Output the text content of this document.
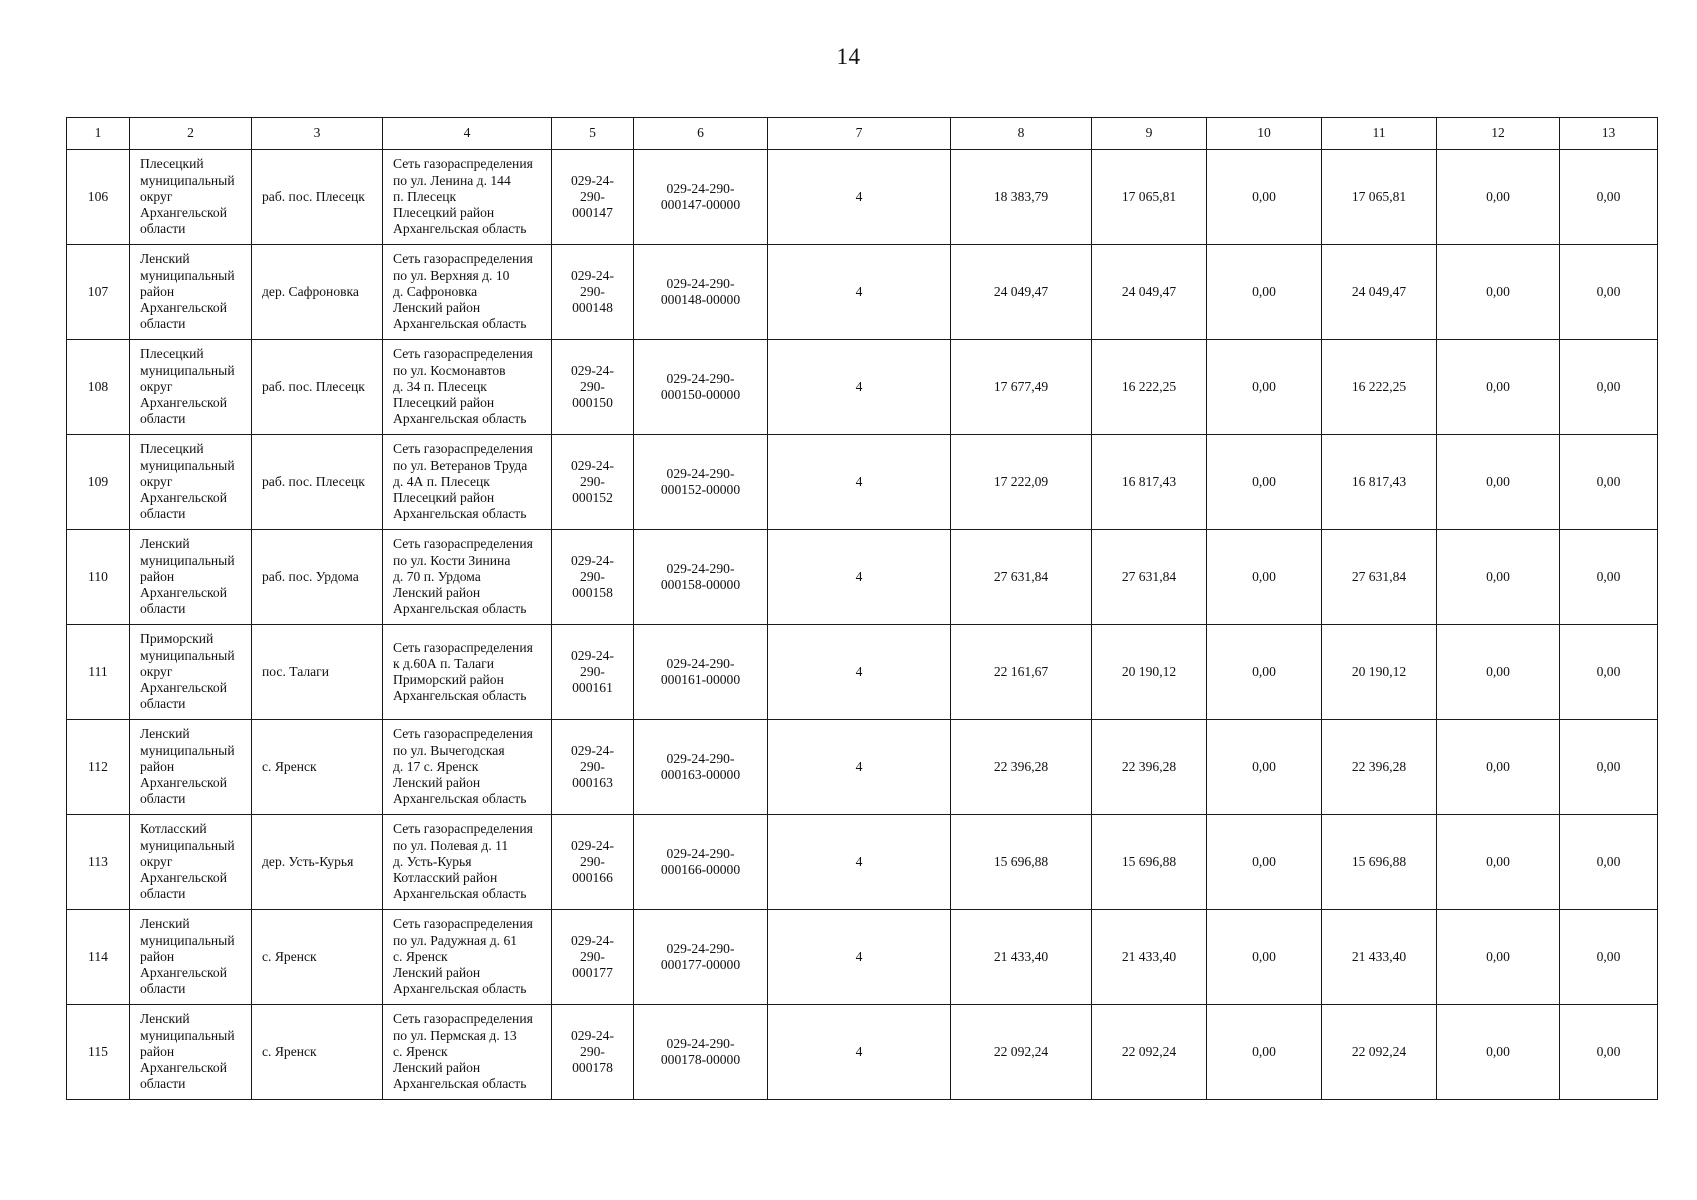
14
1	2	3	4	5	6	7	8	9	10	11	12	13
106	Плесецкий
муниципальный
округ
Архангельской
области	раб. пос. Плесецк	Сеть газораспределения
по ул. Ленина д. 144
п. Плесецк
Плесецкий район
Архангельская область	029-24-
290-
000147	029-24-290-
000147-00000	4	18 383,79	17 065,81	0,00	17 065,81	0,00	0,00
107	Ленский
муниципальный
район
Архангельской
области	дер. Сафроновка	Сеть газораспределения
по ул. Верхняя д. 10
д. Сафроновка
Ленский район
Архангельская область	029-24-
290-
000148	029-24-290-
000148-00000	4	24 049,47	24 049,47	0,00	24 049,47	0,00	0,00
108	Плесецкий
муниципальный
округ
Архангельской
области	раб. пос. Плесецк	Сеть газораспределения
по ул. Космонавтов
д. 34 п. Плесецк
Плесецкий район
Архангельская область	029-24-
290-
000150	029-24-290-
000150-00000	4	17 677,49	16 222,25	0,00	16 222,25	0,00	0,00
109	Плесецкий
муниципальный
округ
Архангельской
области	раб. пос. Плесецк	Сеть газораспределения
по ул. Ветеранов Труда
д. 4А п. Плесецк
Плесецкий район
Архангельская область	029-24-
290-
000152	029-24-290-
000152-00000	4	17 222,09	16 817,43	0,00	16 817,43	0,00	0,00
110	Ленский
муниципальный
район
Архангельской
области	раб. пос. Урдома	Сеть газораспределения
по ул. Кости Зинина
д. 70 п. Урдома
Ленский район
Архангельская область	029-24-
290-
000158	029-24-290-
000158-00000	4	27 631,84	27 631,84	0,00	27 631,84	0,00	0,00
111	Приморский
муниципальный
округ
Архангельской
области	пос. Талаги	Сеть газораспределения
к д.60А п. Талаги
Приморский район
Архангельская область	029-24-
290-
000161	029-24-290-
000161-00000	4	22 161,67	20 190,12	0,00	20 190,12	0,00	0,00
112	Ленский
муниципальный
район
Архангельской
области	с. Яренск	Сеть газораспределения
по ул. Вычегодская
д. 17 с. Яренск
Ленский район
Архангельская область	029-24-
290-
000163	029-24-290-
000163-00000	4	22 396,28	22 396,28	0,00	22 396,28	0,00	0,00
113	Котласский
муниципальный
округ
Архангельской
области	дер. Усть-Курья	Сеть газораспределения
по ул. Полевая д. 11
д. Усть-Курья
Котласский район
Архангельская область	029-24-
290-
000166	029-24-290-
000166-00000	4	15 696,88	15 696,88	0,00	15 696,88	0,00	0,00
114	Ленский
муниципальный
район
Архангельской
области	с. Яренск	Сеть газораспределения
по ул. Радужная д. 61
с. Яренск
Ленский район
Архангельская область	029-24-
290-
000177	029-24-290-
000177-00000	4	21 433,40	21 433,40	0,00	21 433,40	0,00	0,00
115	Ленский
муниципальный
район
Архангельской
области	с. Яренск	Сеть газораспределения
по ул. Пермская д. 13
с. Яренск
Ленский район
Архангельская область	029-24-
290-
000178	029-24-290-
000178-00000	4	22 092,24	22 092,24	0,00	22 092,24	0,00	0,00
